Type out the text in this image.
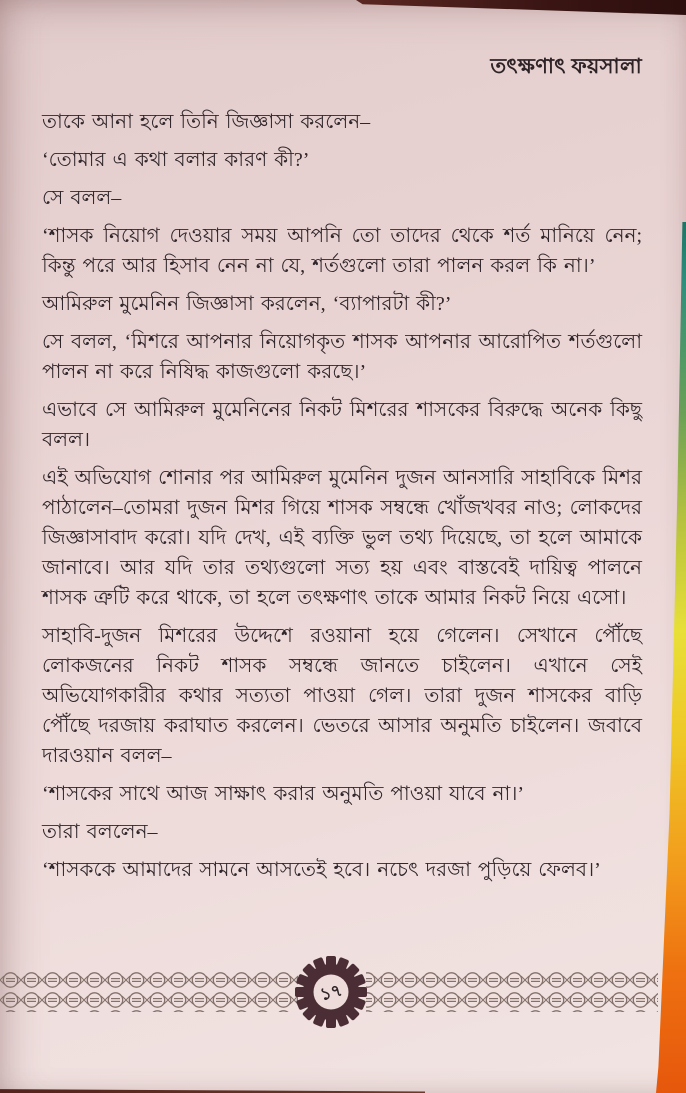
তৎক্ষণাৎ ফয়সালা

তাকে আনা হলে তিনি জিজ্ঞাসা করলেন–

‘তোমার এ কথা বলার কারণ কী?’

সে বলল–

‘শাসক নিয়োগ দেওয়ার সময় আপনি তো তাদের থেকে শর্ত মানিয়ে নেন; কিন্তু পরে আর হিসাব নেন না যে, শর্তগুলো তারা পালন করল কি না।’

আমিরুল মুমেনিন জিজ্ঞাসা করলেন, ‘ব্যাপারটা কী?’

সে বলল, ‘মিশরে আপনার নিয়োগকৃত শাসক আপনার আরোপিত শর্তগুলো পালন না করে নিষিদ্ধ কাজগুলো করছে।’

এভাবে সে আমিরুল মুমেনিনের নিকট মিশরের শাসকের বিরুদ্ধে অনেক কিছু বলল।

এই অভিযোগ শোনার পর আমিরুল মুমেনিন দুজন আনসারি সাহাবিকে মিশর পাঠালেন–তোমরা দুজন মিশর গিয়ে শাসক সম্বন্ধে খোঁজখবর নাও; লোকদের জিজ্ঞাসাবাদ করো। যদি দেখ, এই ব্যক্তি ভুল তথ্য দিয়েছে, তা হলে আমাকে জানাবে। আর যদি তার তথ্যগুলো সত্য হয় এবং বাস্তবেই দায়িত্ব পালনে শাসক ত্রুটি করে থাকে, তা হলে তৎক্ষণাৎ তাকে আমার নিকট নিয়ে এসো।

সাহাবি-দুজন মিশরের উদ্দেশে রওয়ানা হয়ে গেলেন। সেখানে পৌঁছে লোকজনের নিকট শাসক সম্বন্ধে জানতে চাইলেন। এখানে সেই অভিযোগকারীর কথার সত্যতা পাওয়া গেল। তারা দুজন শাসকের বাড়ি পৌঁছে দরজায় করাঘাত করলেন। ভেতরে আসার অনুমতি চাইলেন। জবাবে দারওয়ান বলল–

‘শাসকের সাথে আজ সাক্ষাৎ করার অনুমতি পাওয়া যাবে না।’

তারা বললেন–

‘শাসককে আমাদের সামনে আসতেই হবে। নচেৎ দরজা পুড়িয়ে ফেলব।’

১৭
